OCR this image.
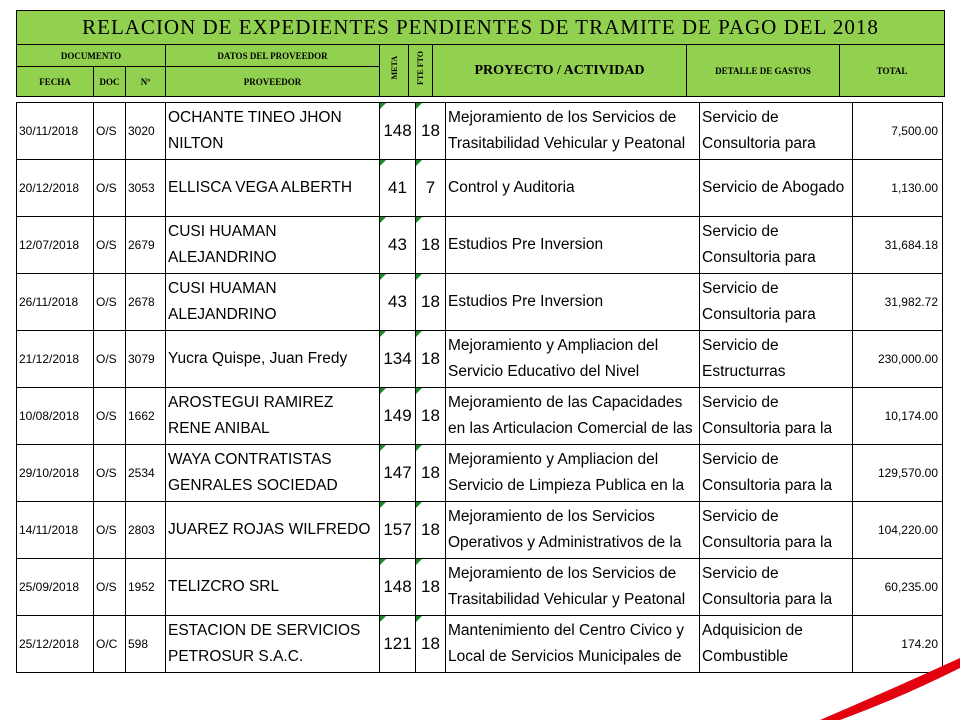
RELACION DE EXPEDIENTES PENDIENTES DE TRAMITE DE PAGO DEL 2018								
DOCUMENTO			DATOS DEL PROVEEDOR	META	FTE FTO	PROYECTO / ACTIVIDAD	DETALLE DE GASTOS	TOTAL
FECHA	DOC	Nº	PROVEEDOR					
30/11/2018	O/S	3020	OCHANTE TINEO JHON NILTON	148	18	Mejoramiento de los Servicios de Trasitabilidad Vehicular y Peatonal	Servicio de Consultoria para	7,500.00
20/12/2018	O/S	3053	ELLISCA VEGA ALBERTH	41	7	Control y Auditoria	Servicio de Abogado	1,130.00
12/07/2018	O/S	2679	CUSI HUAMAN ALEJANDRINO	43	18	Estudios Pre Inversion	Servicio de Consultoria para	31,684.18
26/11/2018	O/S	2678	CUSI HUAMAN ALEJANDRINO	43	18	Estudios Pre Inversion	Servicio de Consultoria para	31,982.72
21/12/2018	O/S	3079	Yucra Quispe, Juan Fredy	134	18	Mejoramiento y Ampliacion del Servicio Educativo del Nivel	Servicio de Estructurras	230,000.00
10/08/2018	O/S	1662	AROSTEGUI RAMIREZ RENE ANIBAL	149	18	Mejoramiento de las Capacidades en las Articulacion Comercial de las	Servicio de Consultoria para la	10,174.00
29/10/2018	O/S	2534	WAYA CONTRATISTAS GENRALES SOCIEDAD	147	18	Mejoramiento y Ampliacion del Servicio de Limpieza Publica en la	Servicio de Consultoria para la	129,570.00
14/11/2018	O/S	2803	JUAREZ ROJAS WILFREDO	157	18	Mejoramiento de los Servicios Operativos y Administrativos de la	Servicio de Consultoria para la	104,220.00
25/09/2018	O/S	1952	TELIZCRO SRL	148	18	Mejoramiento de los Servicios de Trasitabilidad Vehicular y Peatonal	Servicio de Consultoria para la	60,235.00
25/12/2018	O/C	598	ESTACION DE SERVICIOS PETROSUR S.A.C.	121	18	Mantenimiento del Centro Civico y Local de Servicios Municipales de	Adquisicion de Combustible	174.20
